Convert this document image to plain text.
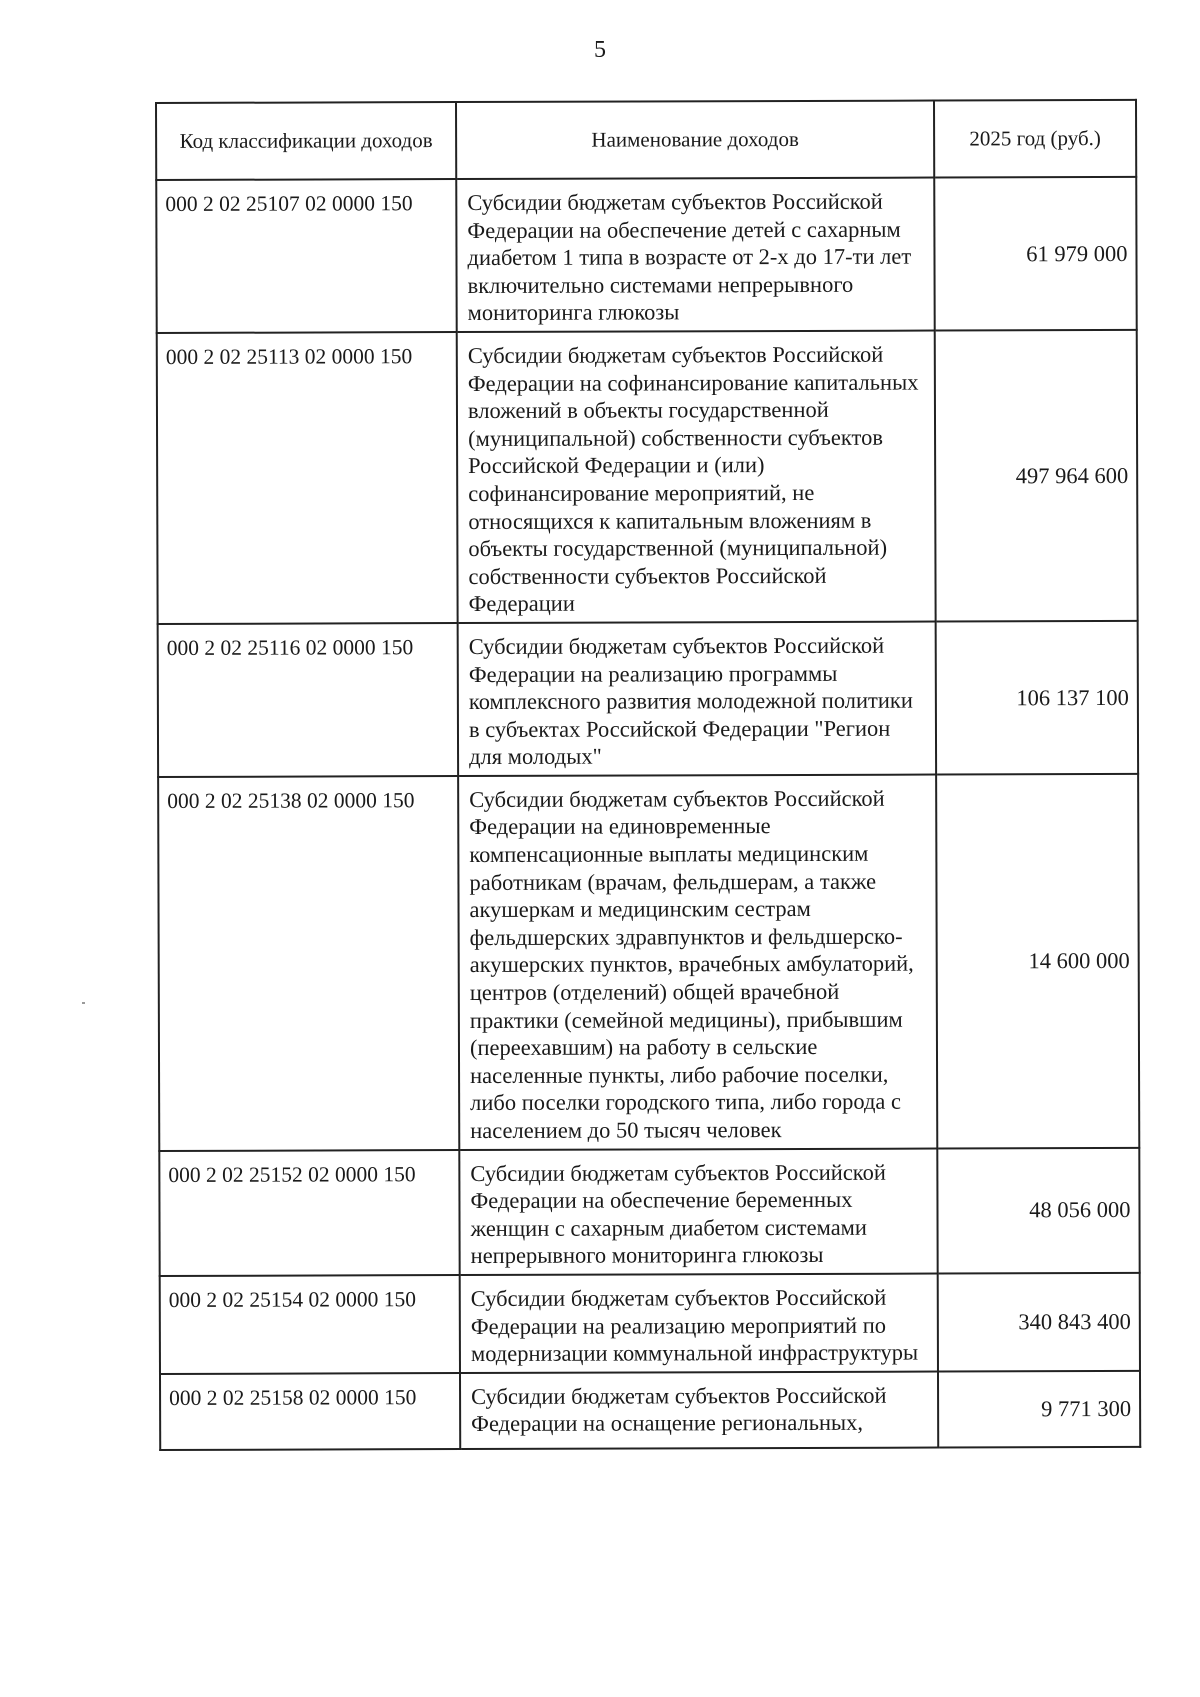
5
Код классификации доходов	Наименование доходов	2025 год (руб.)
000 2 02 25107 02 0000 150	Субсидии бюджетам субъектов Российской Федерации на обеспечение детей с сахарным диабетом 1 типа в возрасте от 2-х до 17-ти лет включительно системами непрерывного мониторинга глюкозы	61 979 000
000 2 02 25113 02 0000 150	Субсидии бюджетам субъектов Российской Федерации на софинансирование капитальных вложений в объекты государственной (муниципальной) собственности субъектов Российской Федерации и (или) софинансирование мероприятий, не относящихся к капитальным вложениям в объекты государственной (муниципальной) собственности субъектов Российской Федерации	497 964 600
000 2 02 25116 02 0000 150	Субсидии бюджетам субъектов Российской Федерации на реализацию программы комплексного развития молодежной политики в субъектах Российской Федерации "Регион для молодых"	106 137 100
000 2 02 25138 02 0000 150	Субсидии бюджетам субъектов Российской Федерации на единовременные компенсационные выплаты медицинским работникам (врачам, фельдшерам, а также акушеркам и медицинским сестрам фельдшерских здравпунктов и фельдшерско-акушерских пунктов, врачебных амбулаторий, центров (отделений) общей врачебной практики (семейной медицины), прибывшим (переехавшим) на работу в сельские населенные пункты, либо рабочие поселки, либо поселки городского типа, либо города с населением до 50 тысяч человек	14 600 000
000 2 02 25152 02 0000 150	Субсидии бюджетам субъектов Российской Федерации на обеспечение беременных женщин с сахарным диабетом системами непрерывного мониторинга глюкозы	48 056 000
000 2 02 25154 02 0000 150	Субсидии бюджетам субъектов Российской Федерации на реализацию мероприятий по модернизации коммунальной инфраструктуры	340 843 400
000 2 02 25158 02 0000 150	Субсидии бюджетам субъектов Российской Федерации на оснащение региональных,	9 771 300
